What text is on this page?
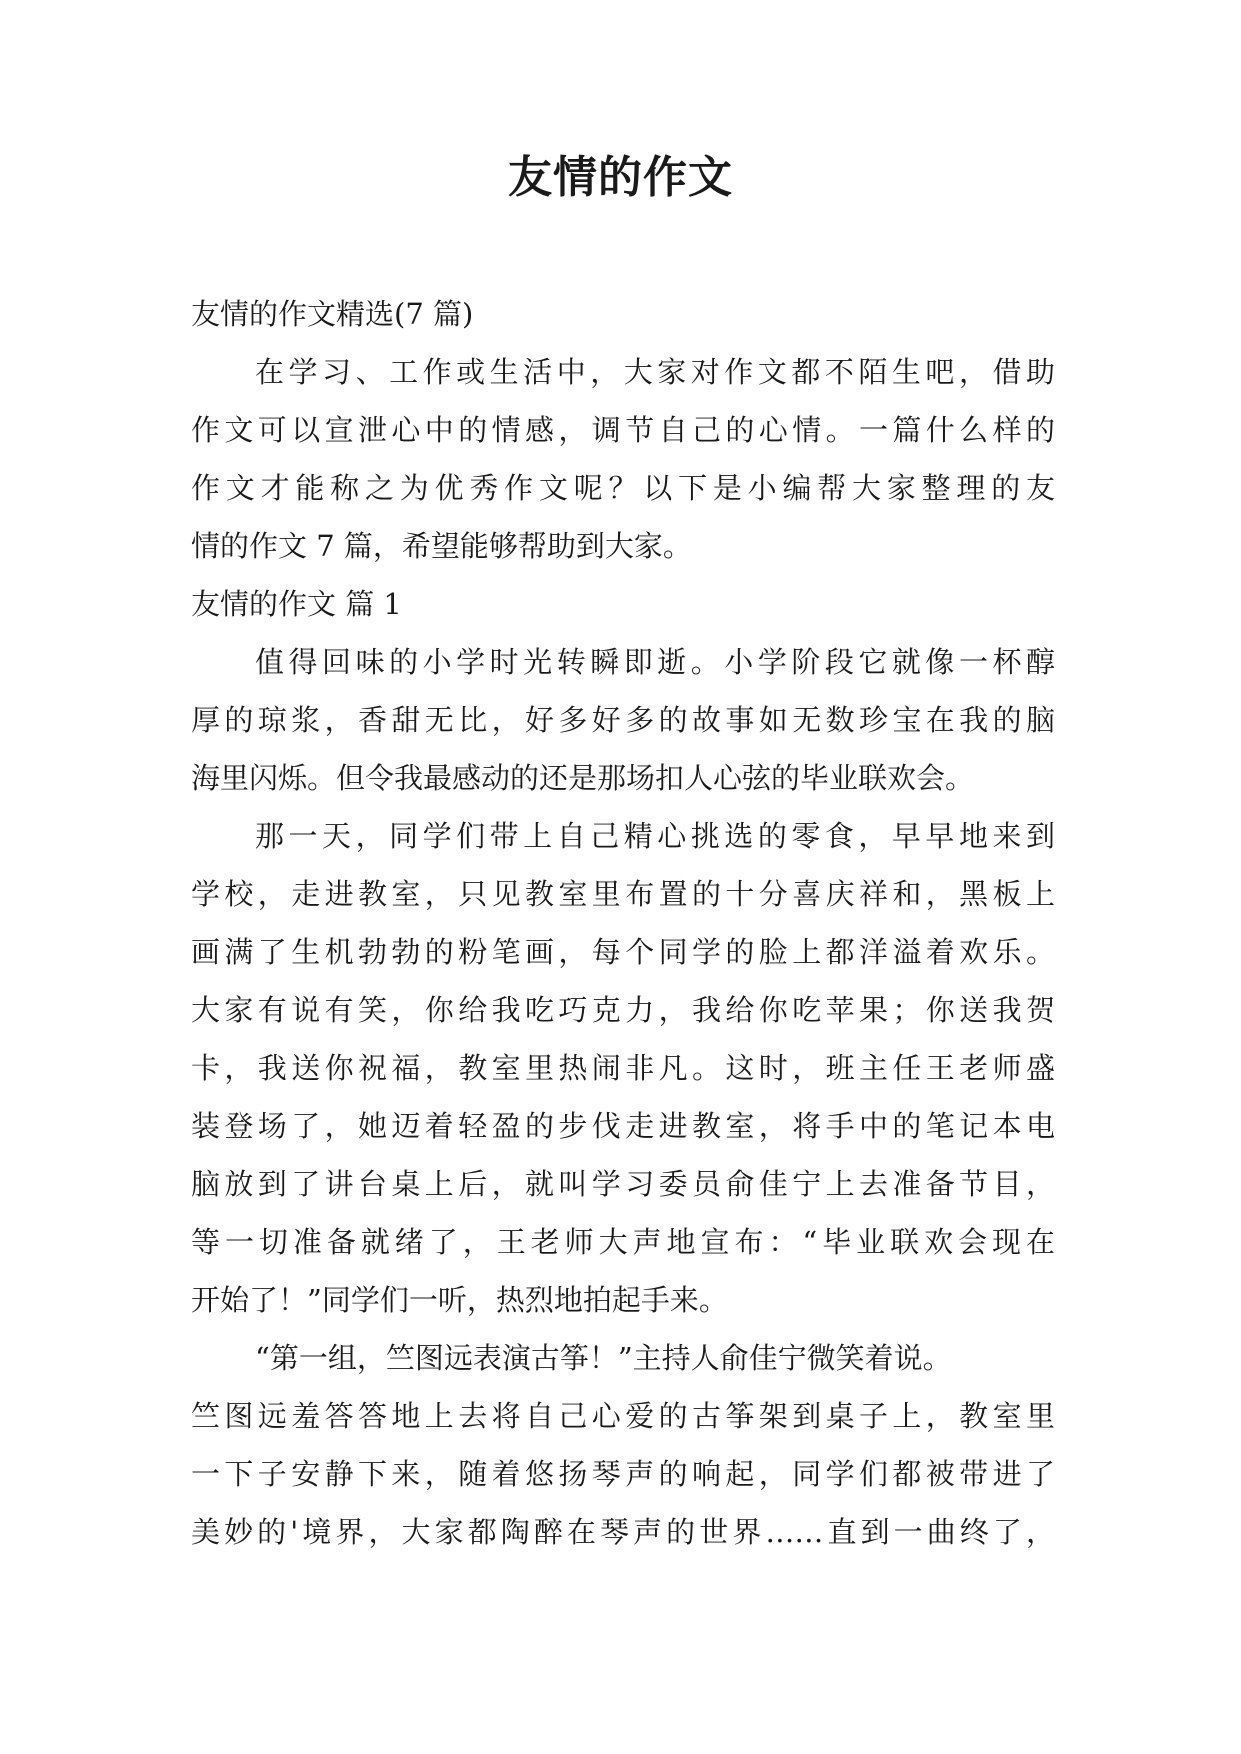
友情的作文

友情的作文精选(7 篇)

在学习、工作或生活中，大家对作文都不陌生吧，借助

作文可以宣泄心中的情感，调节自己的心情。一篇什么样的

作文才能称之为优秀作文呢？以下是小编帮大家整理的友

情的作文 7 篇，希望能够帮助到大家。

友情的作文 篇 1

值得回味的小学时光转瞬即逝。小学阶段它就像一杯醇

厚的琼浆，香甜无比，好多好多的故事如无数珍宝在我的脑

海里闪烁。但令我最感动的还是那场扣人心弦的毕业联欢会。

那一天，同学们带上自己精心挑选的零食，早早地来到

学校，走进教室，只见教室里布置的十分喜庆祥和，黑板上

画满了生机勃勃的粉笔画，每个同学的脸上都洋溢着欢乐。

大家有说有笑，你给我吃巧克力，我给你吃苹果；你送我贺

卡，我送你祝福，教室里热闹非凡。这时，班主任王老师盛

装登场了，她迈着轻盈的步伐走进教室，将手中的笔记本电

脑放到了讲台桌上后，就叫学习委员俞佳宁上去准备节目，

等一切准备就绪了，王老师大声地宣布：“毕业联欢会现在

开始了！”同学们一听，热烈地拍起手来。

“第一组，竺图远表演古筝！”主持人俞佳宁微笑着说。

竺图远羞答答地上去将自己心爱的古筝架到桌子上，教室里

一下子安静下来，随着悠扬琴声的响起，同学们都被带进了

美妙的'境界，大家都陶醉在琴声的世界……直到一曲终了，
